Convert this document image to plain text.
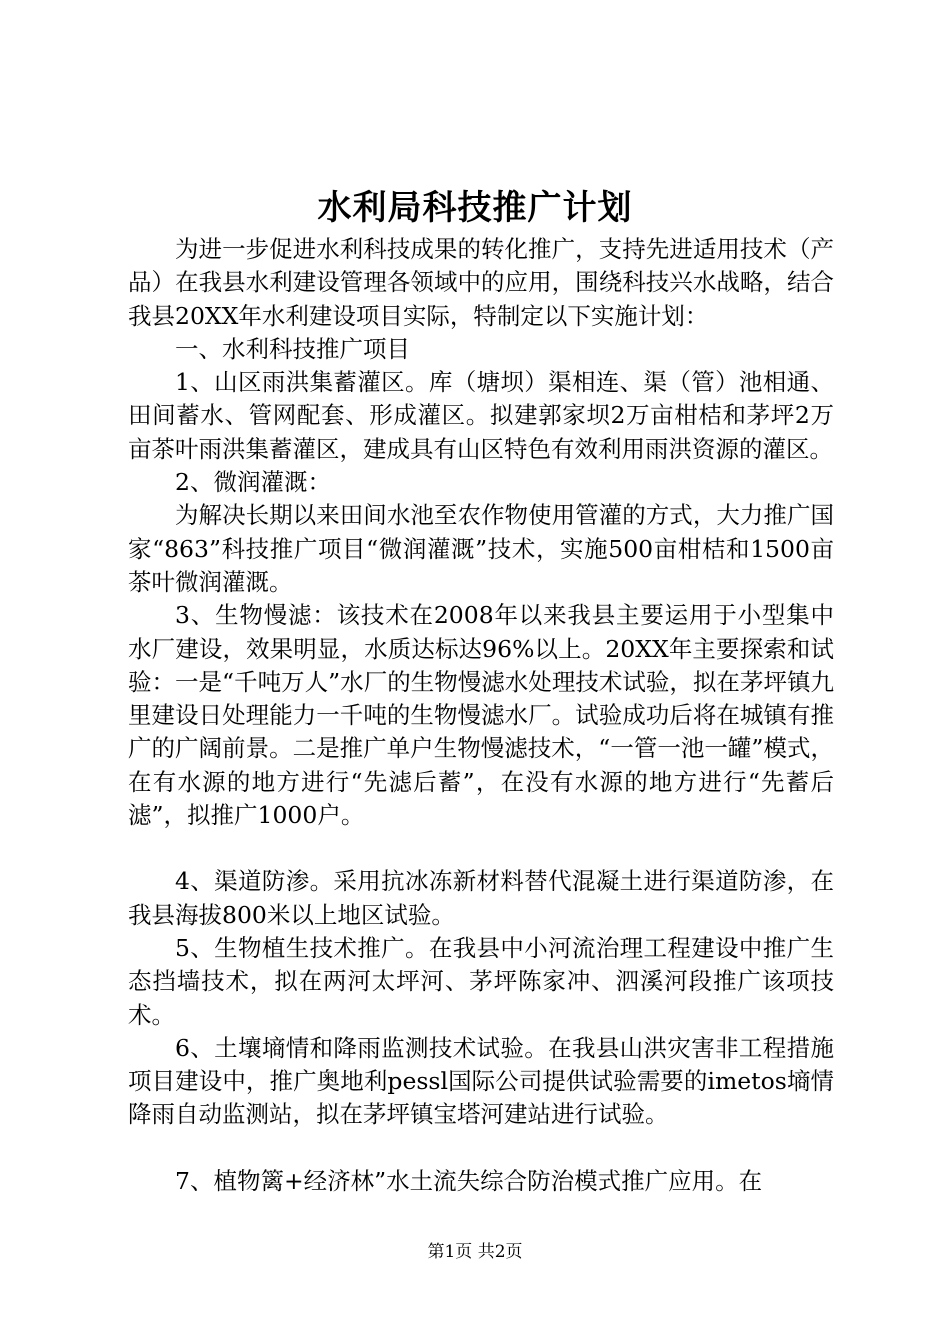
水利局科技推广计划

为进一步促进水利科技成果的转化推广，支持先进适用技术（产品）在我县水利建设管理各领域中的应用，围绕科技兴水战略，结合我县20XX年水利建设项目实际，特制定以下实施计划：

一、水利科技推广项目

1、山区雨洪集蓄灌区。库（塘坝）渠相连、渠（管）池相通、田间蓄水、管网配套、形成灌区。拟建郭家坝2万亩柑桔和茅坪2万亩茶叶雨洪集蓄灌区，建成具有山区特色有效利用雨洪资源的灌区。

2、微润灌溉：

为解决长期以来田间水池至农作物使用管灌的方式，大力推广国家“863”科技推广项目“微润灌溉”技术，实施500亩柑桔和1500亩茶叶微润灌溉。

3、生物慢滤：该技术在2008年以来我县主要运用于小型集中水厂建设，效果明显，水质达标达96%以上。20XX年主要探索和试验：一是“千吨万人”水厂的生物慢滤水处理技术试验，拟在茅坪镇九里建设日处理能力一千吨的生物慢滤水厂。试验成功后将在城镇有推广的广阔前景。二是推广单户生物慢滤技术，“一管一池一罐”模式，在有水源的地方进行“先滤后蓄”，在没有水源的地方进行“先蓄后滤”，拟推广1000户。

4、渠道防渗。采用抗冰冻新材料替代混凝土进行渠道防渗，在我县海拔800米以上地区试验。

5、生物植生技术推广。在我县中小河流治理工程建设中推广生态挡墙技术，拟在两河太坪河、茅坪陈家冲、泗溪河段推广该项技术。

6、土壤墒情和降雨监测技术试验。在我县山洪灾害非工程措施项目建设中，推广奥地利pessl国际公司提供试验需要的imetos墒情降雨自动监测站，拟在茅坪镇宝塔河建站进行试验。

7、植物篱+经济林”水土流失综合防治模式推广应用。在

第1页 共2页
